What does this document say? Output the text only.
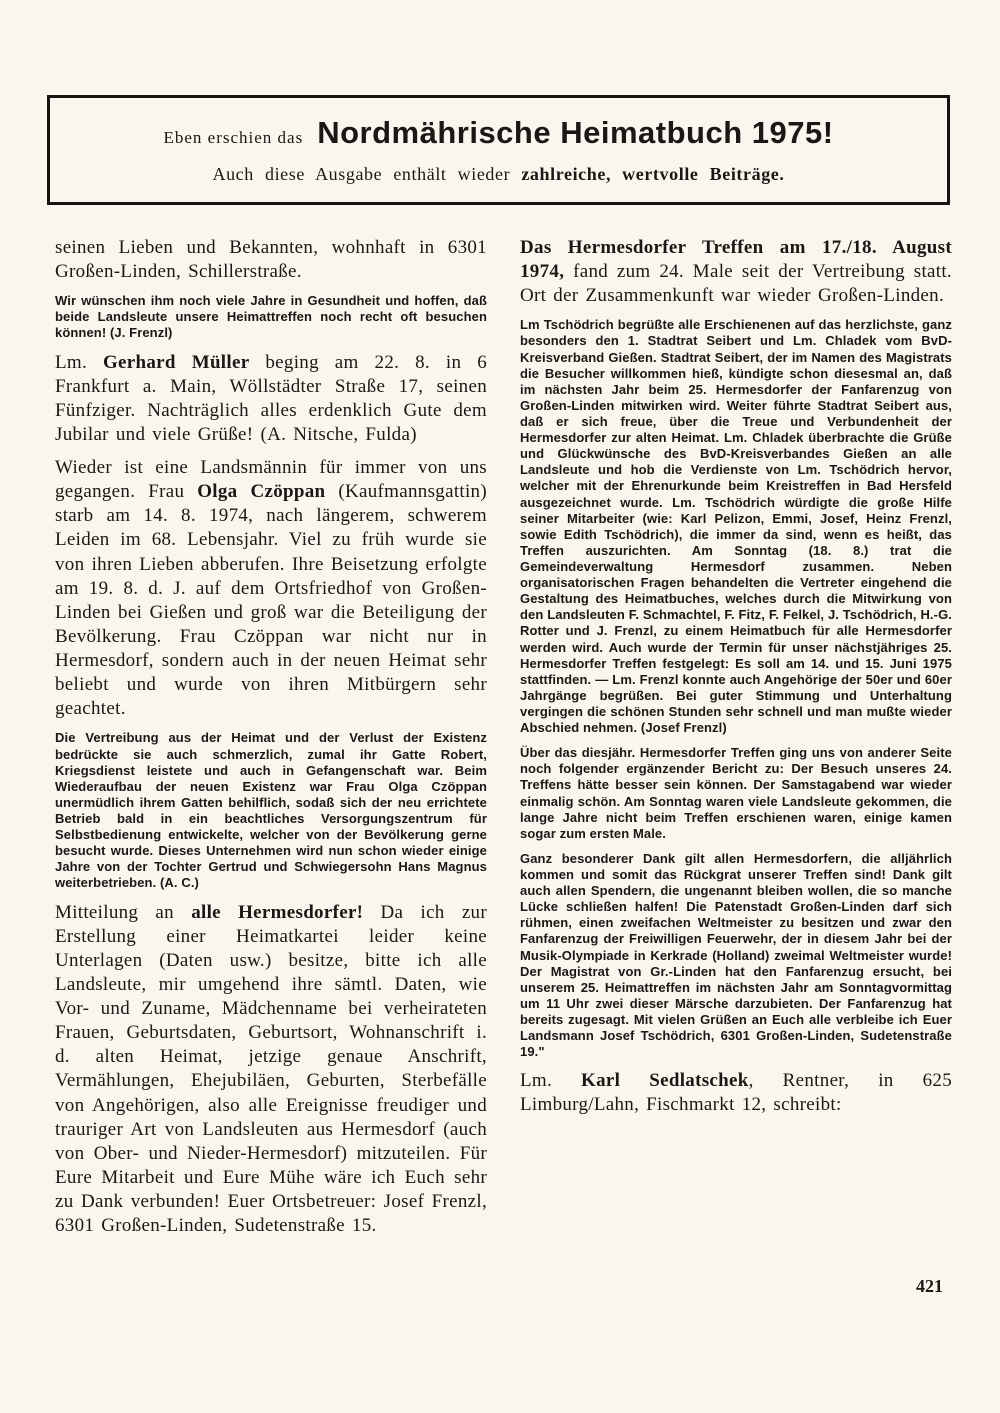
Eben erschien das Nordmährische Heimatbuch 1975!
Auch diese Ausgabe enthält wieder zahlreiche, wertvolle Beiträge.

seinen Lieben und Bekannten, wohnhaft in 6301 Großen-Linden, Schillerstraße.

Wir wünschen ihm noch viele Jahre in Gesundheit und hoffen, daß beide Landsleute unsere Heimattreffen noch recht oft besuchen können! (J. Frenzl)

Lm. Gerhard Müller beging am 22. 8. in 6 Frankfurt a. Main, Wöllstädter Straße 17, seinen Fünfziger. Nachträglich alles erdenklich Gute dem Jubilar und viele Grüße! (A. Nitsche, Fulda)

Wieder ist eine Landsmännin für immer von uns gegangen. Frau Olga Czöppan (Kaufmannsgattin) starb am 14. 8. 1974, nach längerem, schwerem Leiden im 68. Lebensjahr. Viel zu früh wurde sie von ihren Lieben abberufen. Ihre Beisetzung erfolgte am 19. 8. d. J. auf dem Ortsfriedhof von Großen-Linden bei Gießen und groß war die Beteiligung der Bevölkerung. Frau Czöppan war nicht nur in Hermesdorf, sondern auch in der neuen Heimat sehr beliebt und wurde von ihren Mitbürgern sehr geachtet.

Die Vertreibung aus der Heimat und der Verlust der Existenz bedrückte sie auch schmerzlich, zumal ihr Gatte Robert, Kriegsdienst leistete und auch in Gefangenschaft war. Beim Wiederaufbau der neuen Existenz war Frau Olga Czöppan unermüdlich ihrem Gatten behilflich, sodaß sich der neu errichtete Betrieb bald in ein beachtliches Versorgungszentrum für Selbstbedienung entwickelte, welcher von der Bevölkerung gerne besucht wurde. Dieses Unternehmen wird nun schon wieder einige Jahre von der Tochter Gertrud und Schwiegersohn Hans Magnus weiterbetrieben. (A. C.)

Mitteilung an alle Hermesdorfer! Da ich zur Erstellung einer Heimatkartei leider keine Unterlagen (Daten usw.) besitze, bitte ich alle Landsleute, mir umgehend ihre sämtl. Daten, wie Vor- und Zuname, Mädchenname bei verheirateten Frauen, Geburtsdaten, Geburtsort, Wohnanschrift i. d. alten Heimat, jetzige genaue Anschrift, Vermählungen, Ehejubiläen, Geburten, Sterbefälle von Angehörigen, also alle Ereignisse freudiger und trauriger Art von Landsleuten aus Hermesdorf (auch von Ober- und Nieder-Hermesdorf) mitzuteilen. Für Eure Mitarbeit und Eure Mühe wäre ich Euch sehr zu Dank verbunden! Euer Ortsbetreuer: Josef Frenzl, 6301 Großen-Linden, Sudetenstraße 15.

Das Hermesdorfer Treffen am 17./18. August 1974, fand zum 24. Male seit der Vertreibung statt. Ort der Zusammenkunft war wieder Großen-Linden.

Lm Tschödrich begrüßte alle Erschienenen auf das herzlichste, ganz besonders den 1. Stadtrat Seibert und Lm. Chladek vom BvD-Kreisverband Gießen. Stadtrat Seibert, der im Namen des Magistrats die Besucher willkommen hieß, kündigte schon diesesmal an, daß im nächsten Jahr beim 25. Hermesdorfer der Fanfarenzug von Großen-Linden mitwirken wird. Weiter führte Stadtrat Seibert aus, daß er sich freue, über die Treue und Verbundenheit der Hermesdorfer zur alten Heimat. Lm. Chladek überbrachte die Grüße und Glückwünsche des BvD-Kreisverbandes Gießen an alle Landsleute und hob die Verdienste von Lm. Tschödrich hervor, welcher mit der Ehrenurkunde beim Kreistreffen in Bad Hersfeld ausgezeichnet wurde. Lm. Tschödrich würdigte die große Hilfe seiner Mitarbeiter (wie: Karl Pelizon, Emmi, Josef, Heinz Frenzl, sowie Edith Tschödrich), die immer da sind, wenn es heißt, das Treffen auszurichten. Am Sonntag (18. 8.) trat die Gemeindeverwaltung Hermesdorf zusammen. Neben organisatorischen Fragen behandelten die Vertreter eingehend die Gestaltung des Heimatbuches, welches durch die Mitwirkung von den Landsleuten F. Schmachtel, F. Fitz, F. Felkel, J. Tschödrich, H.-G. Rotter und J. Frenzl, zu einem Heimatbuch für alle Hermesdorfer werden wird. Auch wurde der Termin für unser nächstjähriges 25. Hermesdorfer Treffen festgelegt: Es soll am 14. und 15. Juni 1975 stattfinden. — Lm. Frenzl konnte auch Angehörige der 50er und 60er Jahrgänge begrüßen. Bei guter Stimmung und Unterhaltung vergingen die schönen Stunden sehr schnell und man mußte wieder Abschied nehmen. (Josef Frenzl)

Über das diesjähr. Hermesdorfer Treffen ging uns von anderer Seite noch folgender ergänzender Bericht zu: Der Besuch unseres 24. Treffens hätte besser sein können. Der Samstagabend war wieder einmalig schön. Am Sonntag waren viele Landsleute gekommen, die lange Jahre nicht beim Treffen erschienen waren, einige kamen sogar zum ersten Male.

Ganz besonderer Dank gilt allen Hermesdorfern, die alljährlich kommen und somit das Rückgrat unserer Treffen sind! Dank gilt auch allen Spendern, die ungenannt bleiben wollen, die so manche Lücke schließen halfen! Die Patenstadt Großen-Linden darf sich rühmen, einen zweifachen Weltmeister zu besitzen und zwar den Fanfarenzug der Freiwilligen Feuerwehr, der in diesem Jahr bei der Musik-Olympiade in Kerkrade (Holland) zweimal Weltmeister wurde! Der Magistrat von Gr.-Linden hat den Fanfarenzug ersucht, bei unserem 25. Heimattreffen im nächsten Jahr am Sonntagvormittag um 11 Uhr zwei dieser Märsche darzubieten. Der Fanfarenzug hat bereits zugesagt. Mit vielen Grüßen an Euch alle verbleibe ich Euer Landsmann Josef Tschödrich, 6301 Großen-Linden, Sudetenstraße 19."

Lm. Karl Sedlatschek, Rentner, in 625 Limburg/Lahn, Fischmarkt 12, schreibt:

421
